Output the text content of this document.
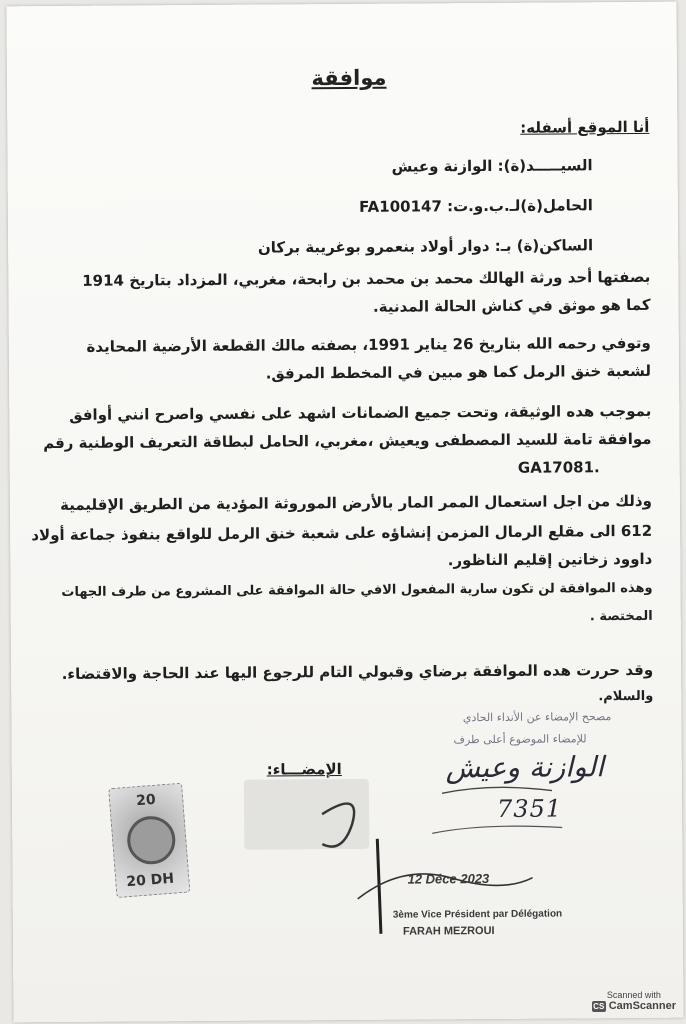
موافقة
أنا الموقع أسفله:
السيـــــد(ة): الوازنة وعيش
الحامل(ة)لـ.ب.و.ت: FA100147
الساكن(ة) بـ: دوار أولاد بنعمرو بوغريبة بركان
بصفتها أحد ورثة الهالك محمد بن محمد بن رابحة، مغربي، المزداد بتاريخ 1914
كما هو موثق في كناش الحالة المدنية.
وتوفي رحمه الله بتاريخ 26 يناير 1991، بصفته مالك القطعة الأرضية المحايدة
لشعبة خنق الرمل كما هو مبين في المخطط المرفق.
بموجب هده الوثيقة، وتحت جميع الضمانات اشهد على نفسي واصرح انني أوافق
موافقة تامة للسيد المصطفى ويعيش ،مغربي، الحامل لبطاقة التعريف الوطنية رقم
.GA17081
وذلك من اجل استعمال الممر المار بالأرض الموروثة المؤدية من الطريق الإقليمية
612 الى مقلع الرمال المزمن إنشاؤه على شعبة خنق الرمل للواقع بنفوذ جماعة أولاد
داوود زخانين إقليم الناظور.
وهذه الموافقة لن تكون سارية المفعول الافي حالة الموافقة على المشروع من طرف الجهات
المختصة .
وقد حررت هده الموافقة برضاي وقبولي التام للرجوع اليها عند الحاجة والاقتضاء.
والسلام.
الإمضـــاء:
مصحح الإمضاء عن الأنداء الحادي
للإمضاء الموضوع أعلى طرف
الوازنة وعيش
7351
12 Déce 2023
3ème Vice Président par Délégation
FARAH MEZROUI
20
20 DH
Scanned with
CS CamScanner
